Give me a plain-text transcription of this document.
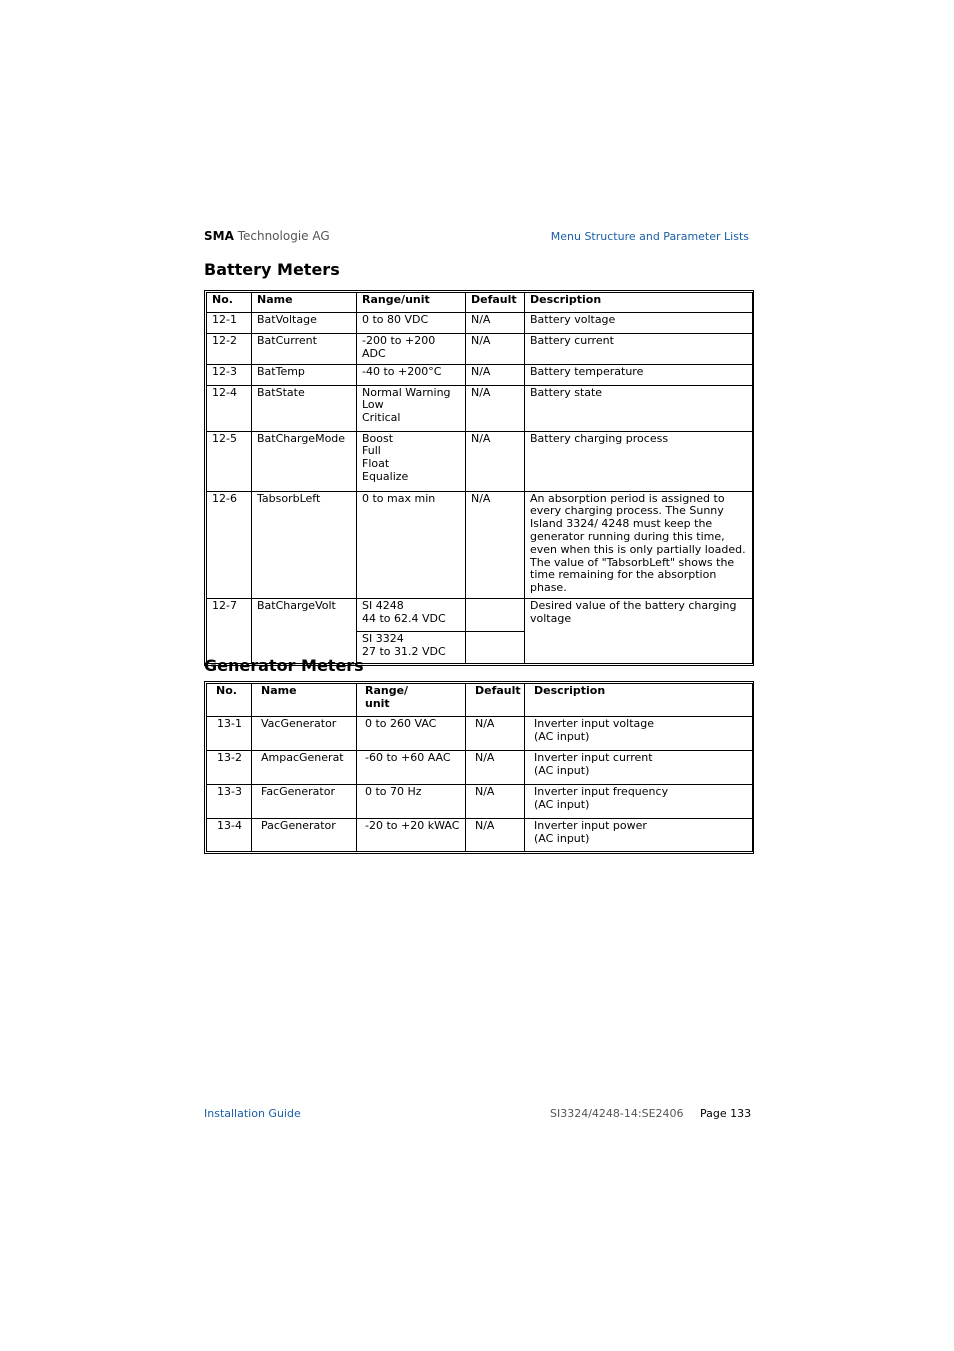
SMA Technologie AG	Menu Structure and Parameter Lists
Battery Meters
No.	Name	Range/unit	Default	Description
12-1	BatVoltage	0 to 80 VDC	N/A	Battery voltage
12-2	BatCurrent	-200 to +200 ADC	N/A	Battery current
12-3	BatTemp	-40 to +200°C	N/A	Battery temperature
12-4	BatState	Normal Warning
Low
Critical	N/A	Battery state
12-5	BatChargeMode	Boost
Full
Float
Equalize	N/A	Battery charging process
12-6	TabsorbLeft	0 to max min	N/A	An absorption period is assigned to every charging process. The Sunny Island 3324/ 4248 must keep the generator running during this time, even when this is only partially loaded. The value of "TabsorbLeft" shows the time remaining for the absorption phase.
12-7	BatChargeVolt	SI 4248
44 to 62.4 VDC		Desired value of the battery charging voltage

		SI 3324
27 to 31.2 VDC		

Generator Meters
No.	Name	Range/
unit	Default	Description
13-1	VacGenerator	0 to 260 VAC	N/A	Inverter input voltage
(AC input)

13-2	AmpacGenerat	-60 to +60 AAC	N/A	Inverter input current
(AC input)

13-3	FacGenerator	0 to 70 Hz	N/A	Inverter input frequency
(AC input)

13-4	PacGenerator	-20 to +20 kWAC	N/A	Inverter input power
(AC input)
Installation Guide	SI3324/4248-14:SE2406 Page 133
